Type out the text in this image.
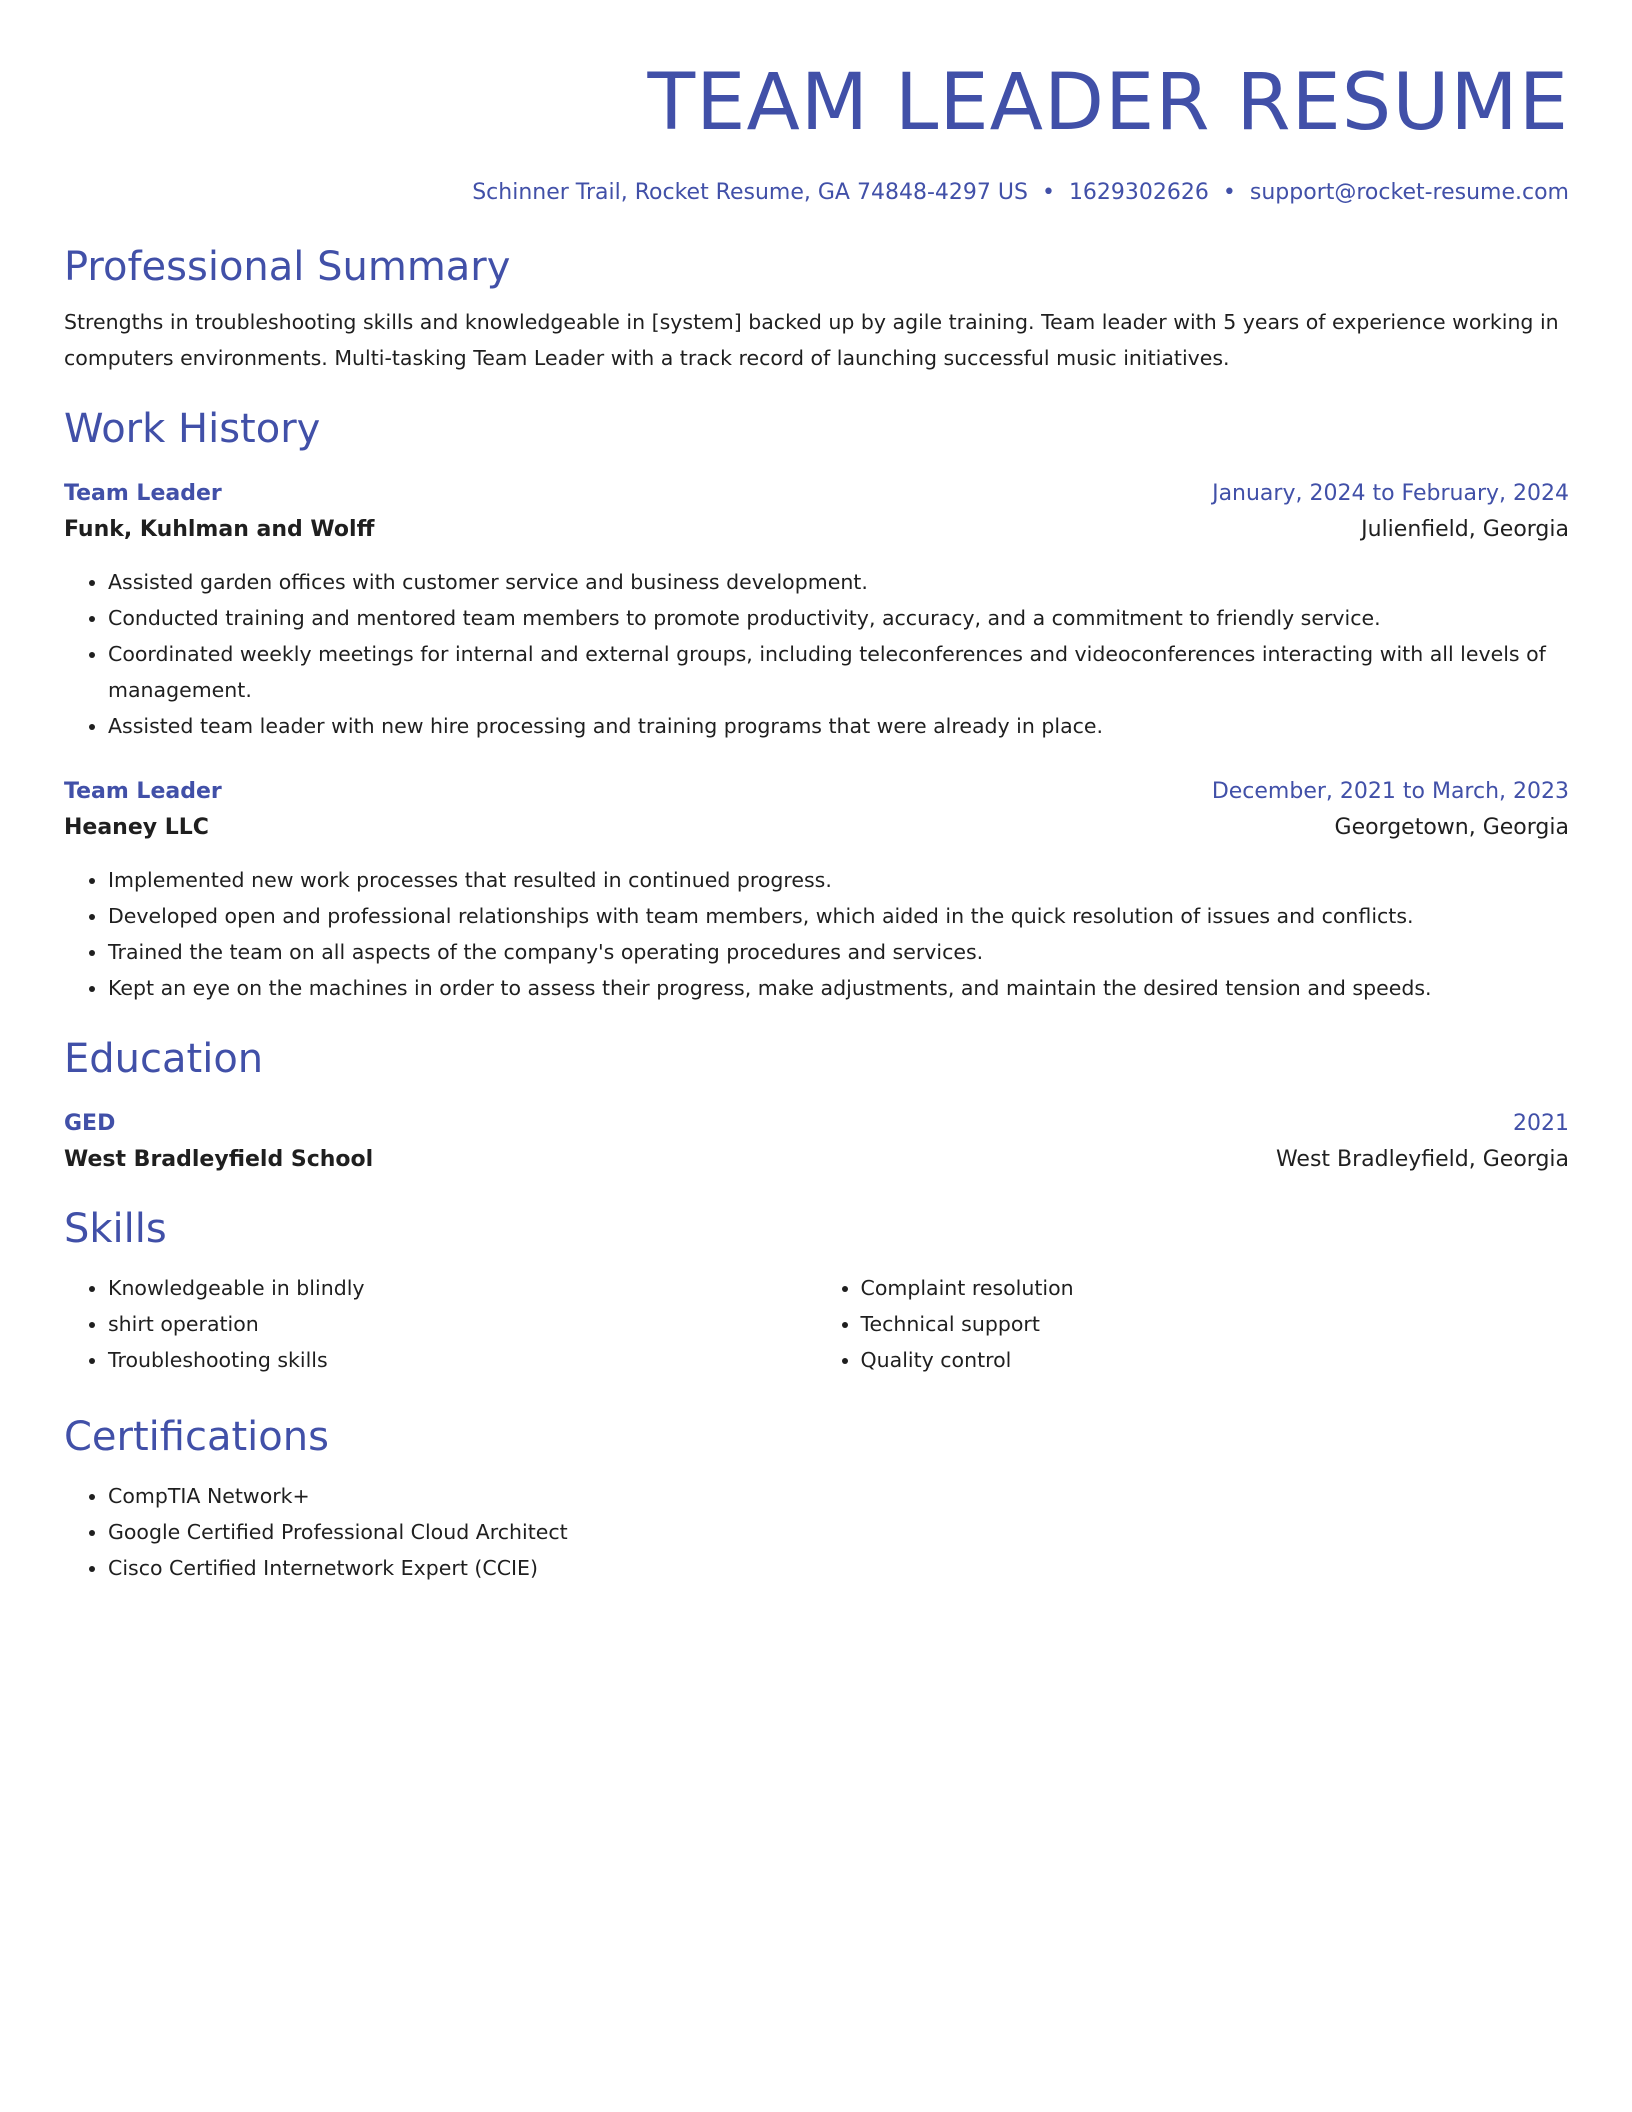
TEAM LEADER RESUME
Schinner Trail, Rocket Resume, GA 74848-4297 US • 1629302626 • support@rocket-resume.com
Professional Summary

Strengths in troubleshooting skills and knowledgeable in [system] backed up by agile training. Team leader with 5 years of experience working in computers environments. Multi-tasking Team Leader with a track record of launching successful music initiatives.

Work History
Team Leader	January, 2024 to February, 2024
Funk, Kuhlman and Wolff	Julienfield, Georgia
• Assisted garden offices with customer service and business development.
• Conducted training and mentored team members to promote productivity, accuracy, and a commitment to friendly service.
• Coordinated weekly meetings for internal and external groups, including teleconferences and videoconferences interacting with all levels of management.
• Assisted team leader with new hire processing and training programs that were already in place.
Team Leader	December, 2021 to March, 2023
Heaney LLC	Georgetown, Georgia
• Implemented new work processes that resulted in continued progress.
• Developed open and professional relationships with team members, which aided in the quick resolution of issues and conflicts.
• Trained the team on all aspects of the company's operating procedures and services.
• Kept an eye on the machines in order to assess their progress, make adjustments, and maintain the desired tension and speeds.
Education
GED	2021
West Bradleyfield School	West Bradleyfield, Georgia
Skills
• Knowledgeable in blindly
• shirt operation
• Troubleshooting skills
• Complaint resolution
• Technical support
• Quality control
Certifications
• CompTIA Network+
• Google Certified Professional Cloud Architect
• Cisco Certified Internetwork Expert (CCIE)
